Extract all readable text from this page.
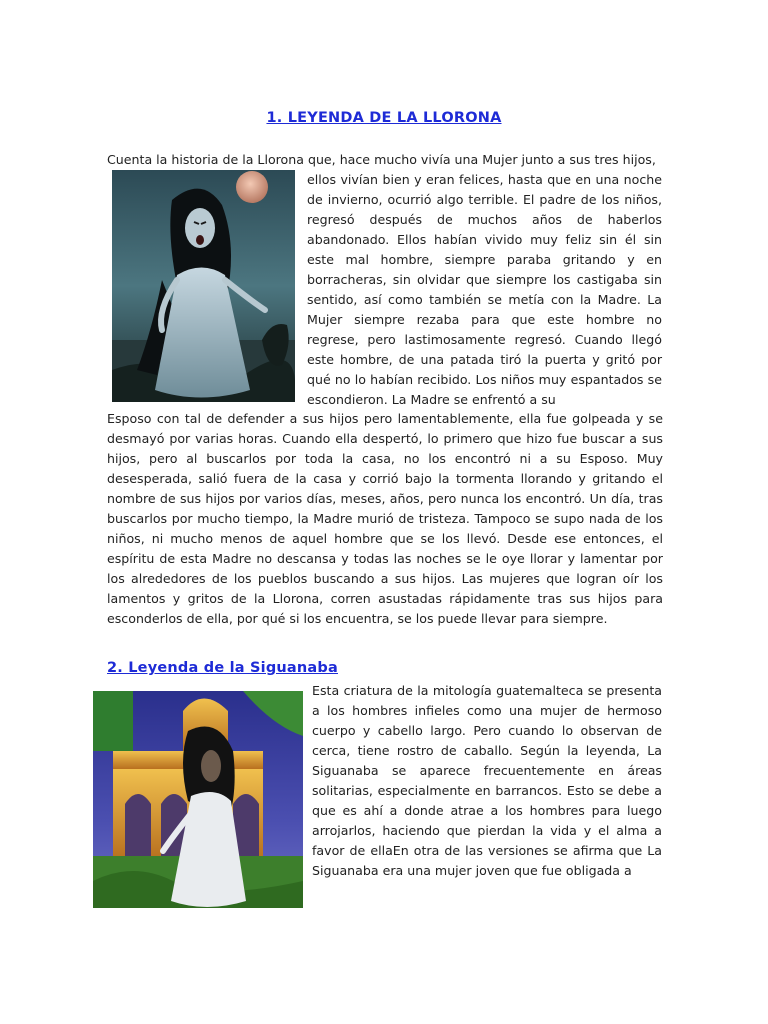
1. LEYENDA DE LA LLORONA
Cuenta la historia de la Llorona que, hace mucho vivía una Mujer junto a sus tres hijos,
ellos vivían bien y eran felices, hasta que en una noche de invierno, ocurrió algo terrible. El padre de los niños, regresó después de muchos años de haberlos abandonado. Ellos habían vivido muy feliz sin él sin este mal hombre, siempre paraba gritando y en borracheras, sin olvidar que siempre los castigaba sin sentido, así como también se metía con la Madre. La Mujer siempre rezaba para que este hombre no regrese, pero lastimosamente regresó. Cuando llegó este hombre, de una patada tiró la puerta y gritó por qué no lo habían recibido. Los niños muy espantados se escondieron. La Madre se enfrentó a su
Esposo con tal de defender a sus hijos pero lamentablemente, ella fue golpeada y se desmayó por varias horas. Cuando ella despertó, lo primero que hizo fue buscar a sus hijos, pero al buscarlos por toda la casa, no los encontró ni a su Esposo. Muy desesperada, salió fuera de la casa y corrió bajo la tormenta llorando y gritando el nombre de sus hijos por varios días, meses, años, pero nunca los encontró. Un día, tras buscarlos por mucho tiempo, la Madre murió de tristeza. Tampoco se supo nada de los niños, ni mucho menos de aquel hombre que se los llevó. Desde ese entonces, el espíritu de esta Madre no descansa y todas las noches se le oye llorar y lamentar por los alrededores de los pueblos buscando a sus hijos. Las mujeres que logran oír los lamentos y gritos de la Llorona, corren asustadas rápidamente tras sus hijos para esconderlos de ella, por qué si los encuentra, se los puede llevar para siempre.
2. Leyenda de la Siguanaba
Esta criatura de la mitología guatemalteca se presenta a los hombres infieles como una mujer de hermoso cuerpo y cabello largo. Pero cuando lo observan de cerca, tiene rostro de caballo. Según la leyenda, La Siguanaba se aparece frecuentemente en áreas solitarias, especialmente en barrancos. Esto se debe a que es ahí a donde atrae a los hombres para luego arrojarlos, haciendo que pierdan la vida y el alma a favor de ellaEn otra de las versiones se afirma que La Siguanaba era una mujer joven que fue obligada a
